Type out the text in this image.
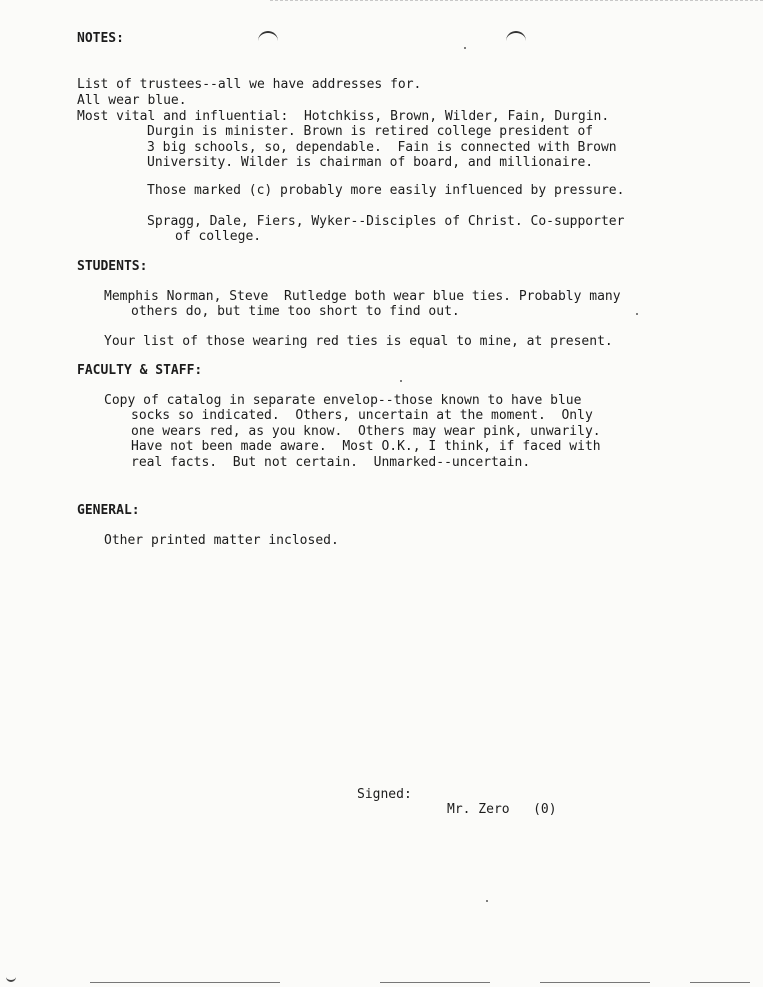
NOTES:
List of trustees--all we have addresses for.
All wear blue.
Most vital and influential:  Hotchkiss, Brown, Wilder, Fain, Durgin.
Durgin is minister. Brown is retired college president of
3 big schools, so, dependable.  Fain is connected with Brown
University. Wilder is chairman of board, and millionaire.
Those marked (c) probably more easily influenced by pressure.
Spragg, Dale, Fiers, Wyker--Disciples of Christ. Co-supporter
of college.
STUDENTS:
Memphis Norman, Steve  Rutledge both wear blue ties. Probably many
others do, but time too short to find out.
Your list of those wearing red ties is equal to mine, at present.
FACULTY & STAFF:
Copy of catalog in separate envelop--those known to have blue
socks so indicated.  Others, uncertain at the moment.  Only
one wears red, as you know.  Others may wear pink, unwarily.
Have not been made aware.  Most O.K., I think, if faced with
real facts.  But not certain.  Unmarked--uncertain.
GENERAL:
Other printed matter inclosed.
Signed:
Mr. Zero   (0)
